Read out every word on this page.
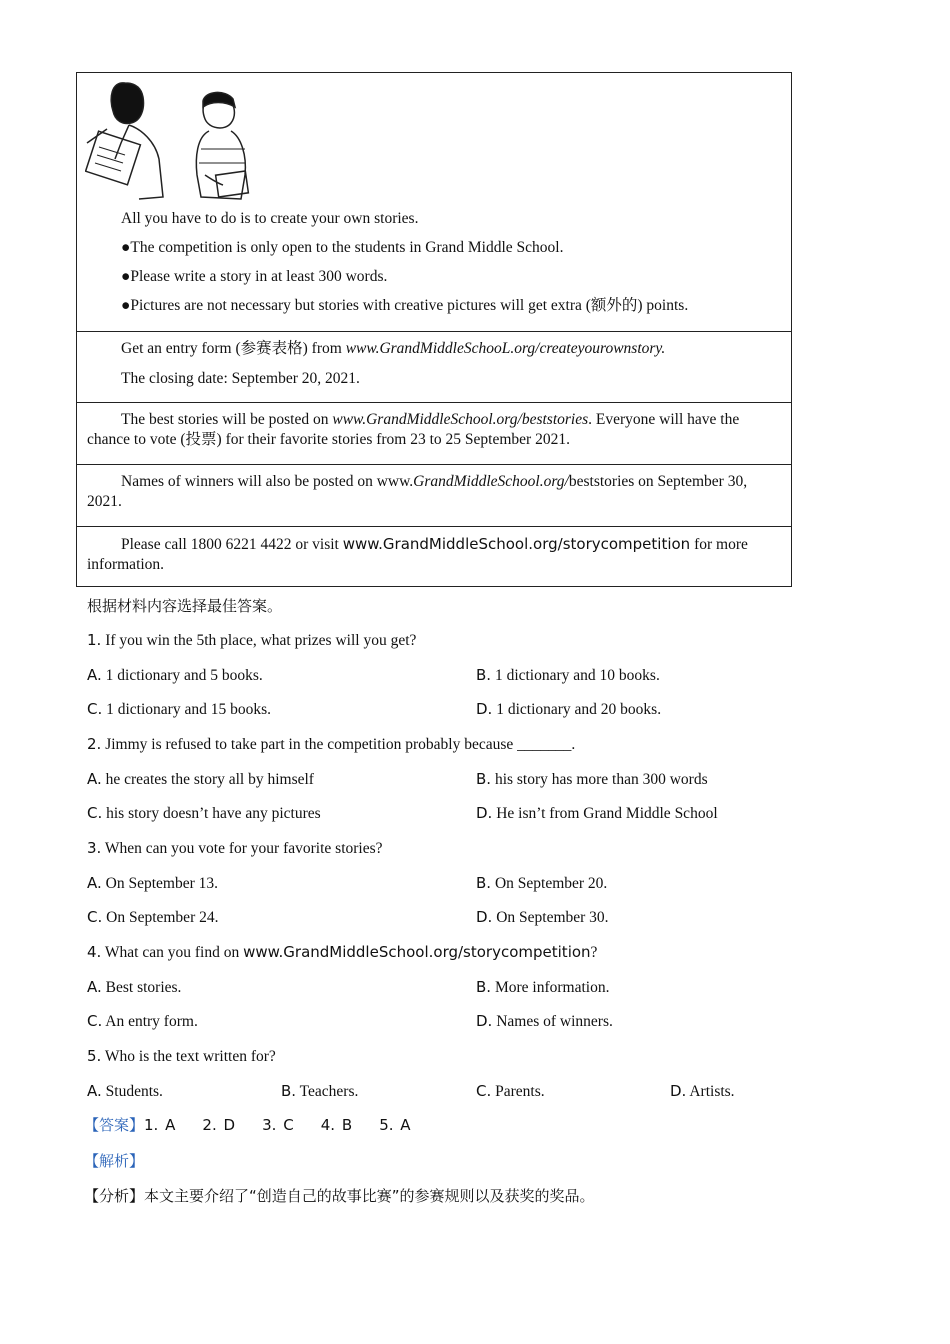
All you have to do is to create your own stories.
●The competition is only open to the students in Grand Middle School.
●Please write a story in at least 300 words.
●Pictures are not necessary but stories with creative pictures will get extra (额外的) points.
Get an entry form (参赛表格) from www.GrandMiddleSchooL.org/createyourownstory.
The closing date: September 20, 2021.

The best stories will be posted on www.GrandMiddleSchool.org/beststories. Everyone will have the chance to vote (投票) for their favorite stories from 23 to 25 September 2021.

Names of winners will also be posted on www.GrandMiddleSchool.org/beststories on September 30, 2021.

Please call 1800 6221 4422 or visit www.GrandMiddleSchool.org/storycompetition for more information.

根据材料内容选择最佳答案。
1. If you win the 5th place, what prizes will you get?
A. 1 dictionary and 5 books.	B. 1 dictionary and 10 books.
C. 1 dictionary and 15 books.	D. 1 dictionary and 20 books.
2. Jimmy is refused to take part in the competition probably because _______.
A. he creates the story all by himself	B. his story has more than 300 words
C. his story doesn’t have any pictures	D. He isn’t from Grand Middle School
3. When can you vote for your favorite stories?
A. On September 13.	B. On September 20.
C. On September 24.	D. On September 30.
4. What can you find on www.GrandMiddleSchool.org/storycompetition?
A. Best stories.	B. More information.
C. An entry form.	D. Names of winners.
5. Who is the text written for?
A. Students.	B. Teachers.	C. Parents.	D. Artists.
【答案】1. A    2. D    3. C    4. B    5. A
【解析】
【分析】本文主要介绍了“创造自己的故事比赛”的参赛规则以及获奖的奖品。
